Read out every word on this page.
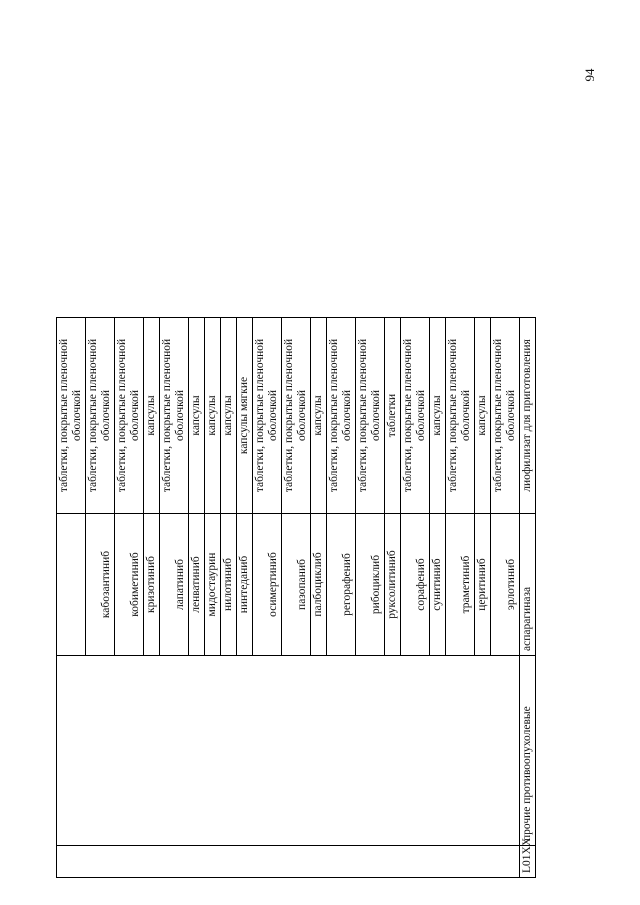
94
			таблетки, покрытые пленочной оболочкой
		кабозантиниб	таблетки, покрытые пленочной оболочкой
		кобиметиниб	таблетки, покрытые пленочной оболочкой
		кризотиниб	капсулы
		лапатиниб	таблетки, покрытые пленочной оболочкой
		ленватиниб	капсулы
		мидостаурин	капсулы
		нилотиниб	капсулы
		нинтеданиб	капсулы мягкие
		осимертиниб	таблетки, покрытые пленочной оболочкой
		пазопаниб	таблетки, покрытые пленочной оболочкой
		палбоциклиб	капсулы
		регорафениб	таблетки, покрытые пленочной оболочкой
		рибоциклиб	таблетки, покрытые пленочной оболочкой
		руксолитиниб	таблетки
		сорафениб	таблетки, покрытые пленочной оболочкой
		сунитиниб	капсулы
		траметиниб	таблетки, покрытые пленочной оболочкой
		церитиниб	капсулы
		эрлотиниб	таблетки, покрытые пленочной оболочкой
L01XX	прочие противоопухолевые	аспарагиназа	лиофилизат для приготовления
